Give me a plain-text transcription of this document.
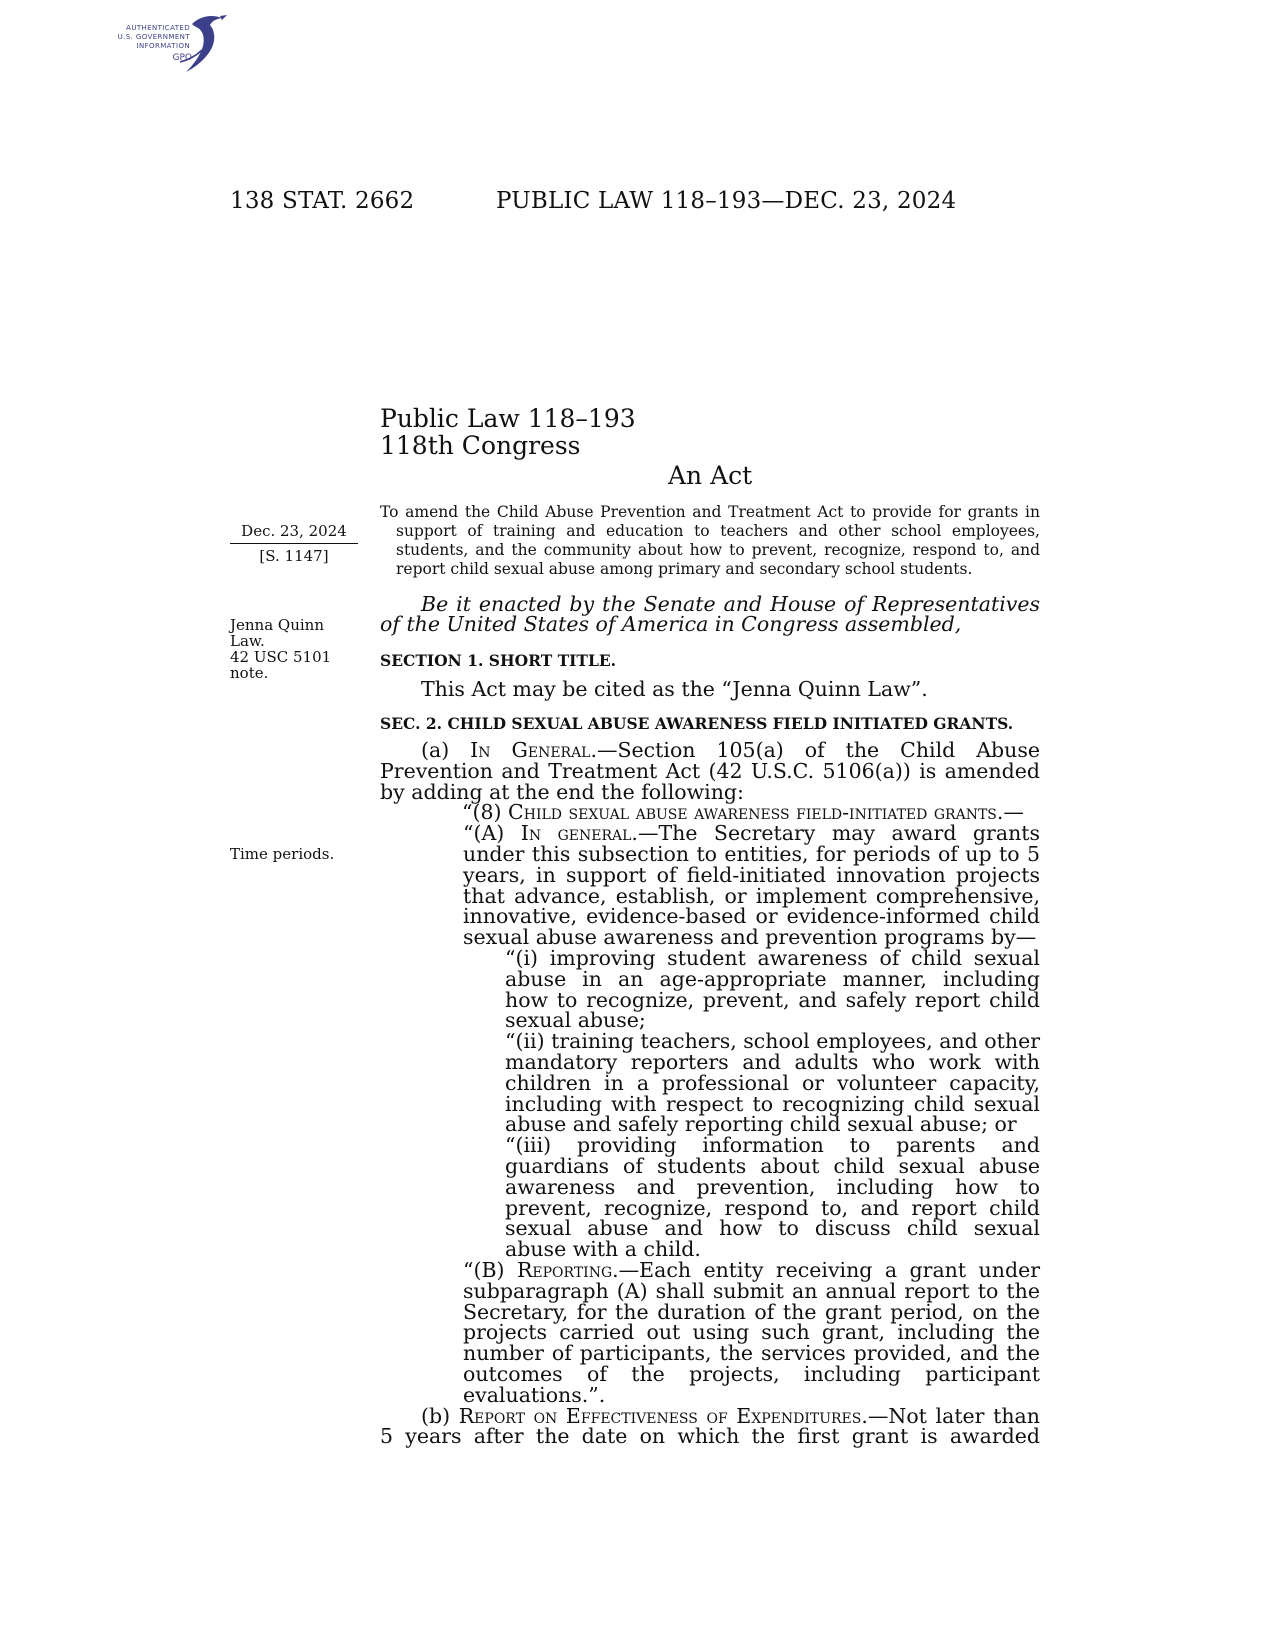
AUTHENTICATED
U.S. GOVERNMENT
INFORMATION
GPO
138 STAT. 2662	PUBLIC LAW 118–193—DEC. 23, 2024
Public Law 118–193
118th Congress
An Act
Dec. 23, 2024
[S. 1147]
Jenna Quinn Law.
42 USC 5101
note.
Time periods.
To amend the Child Abuse Prevention and Treatment Act to provide for grants in support of training and education to teachers and other school employees, students, and the community about how to prevent, recognize, respond to, and report child sexual abuse among primary and secondary school students.
Be it enacted by the Senate and House of Representatives of the United States of America in Congress assembled,
SECTION 1. SHORT TITLE.
This Act may be cited as the “Jenna Quinn Law”.
SEC. 2. CHILD SEXUAL ABUSE AWARENESS FIELD INITIATED GRANTS.

(a) In General.—Section 105(a) of the Child Abuse Prevention and Treatment Act (42 U.S.C. 5106(a)) is amended by adding at the end the following:

“(8) Child sexual abuse awareness field-initiated grants.—

“(A) In general.—The Secretary may award grants under this subsection to entities, for periods of up to 5 years, in support of field-initiated innovation projects that advance, establish, or implement comprehensive, innovative, evidence-based or evidence-informed child sexual abuse awareness and prevention programs by—

“(i) improving student awareness of child sexual abuse in an age-appropriate manner, including how to recognize, prevent, and safely report child sexual abuse;

“(ii) training teachers, school employees, and other mandatory reporters and adults who work with children in a professional or volunteer capacity, including with respect to recognizing child sexual abuse and safely reporting child sexual abuse; or

“(iii) providing information to parents and guardians of students about child sexual abuse awareness and prevention, including how to prevent, recognize, respond to, and report child sexual abuse and how to discuss child sexual abuse with a child.

“(B) Reporting.—Each entity receiving a grant under subparagraph (A) shall submit an annual report to the Secretary, for the duration of the grant period, on the projects carried out using such grant, including the number of participants, the services provided, and the outcomes of the projects, including participant evaluations.”.

(b) Report on Effectiveness of Expenditures.—Not later than 5 years after the date on which the first grant is awarded
